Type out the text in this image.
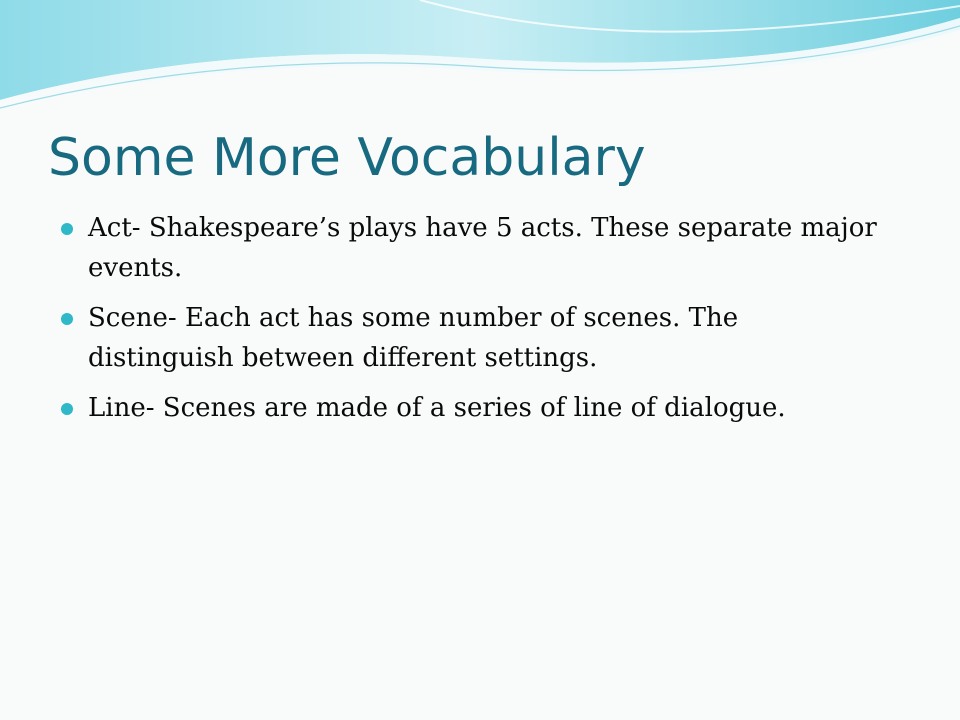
Some More Vocabulary
Act- Shakespeare’s plays have 5 acts. These separate major events.
Scene- Each act has some number of scenes. The distinguish between different settings.
Line- Scenes are made of a series of line of dialogue.
